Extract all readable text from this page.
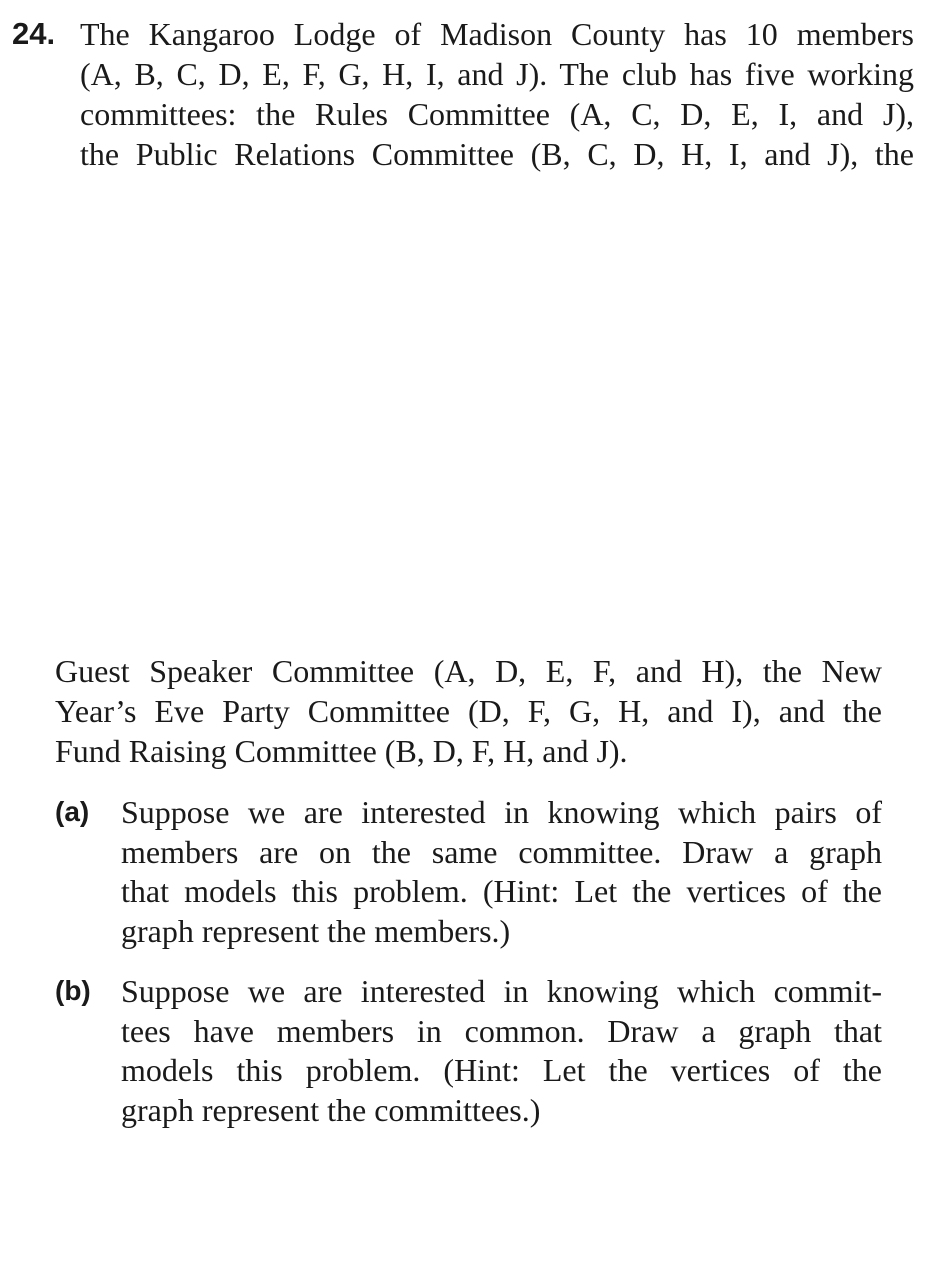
24. The Kangaroo Lodge of Madison County has 10 members
(A, B, C, D, E, F, G, H, I, and J). The club has five working
committees: the Rules Committee (A, C, D, E, I, and J),
the Public Relations Committee (B, C, D, H, I, and J), the
Guest Speaker Committee (A, D, E, F, and H), the New
Year’s Eve Party Committee (D, F, G, H, and I), and the
Fund Raising Committee (B, D, F, H, and J).
(a) Suppose we are interested in knowing which pairs of
members are on the same committee. Draw a graph
that models this problem. (Hint: Let the vertices of the
graph represent the members.)
(b) Suppose we are interested in knowing which commit-
tees have members in common. Draw a graph that
models this problem. (Hint: Let the vertices of the
graph represent the committees.)
